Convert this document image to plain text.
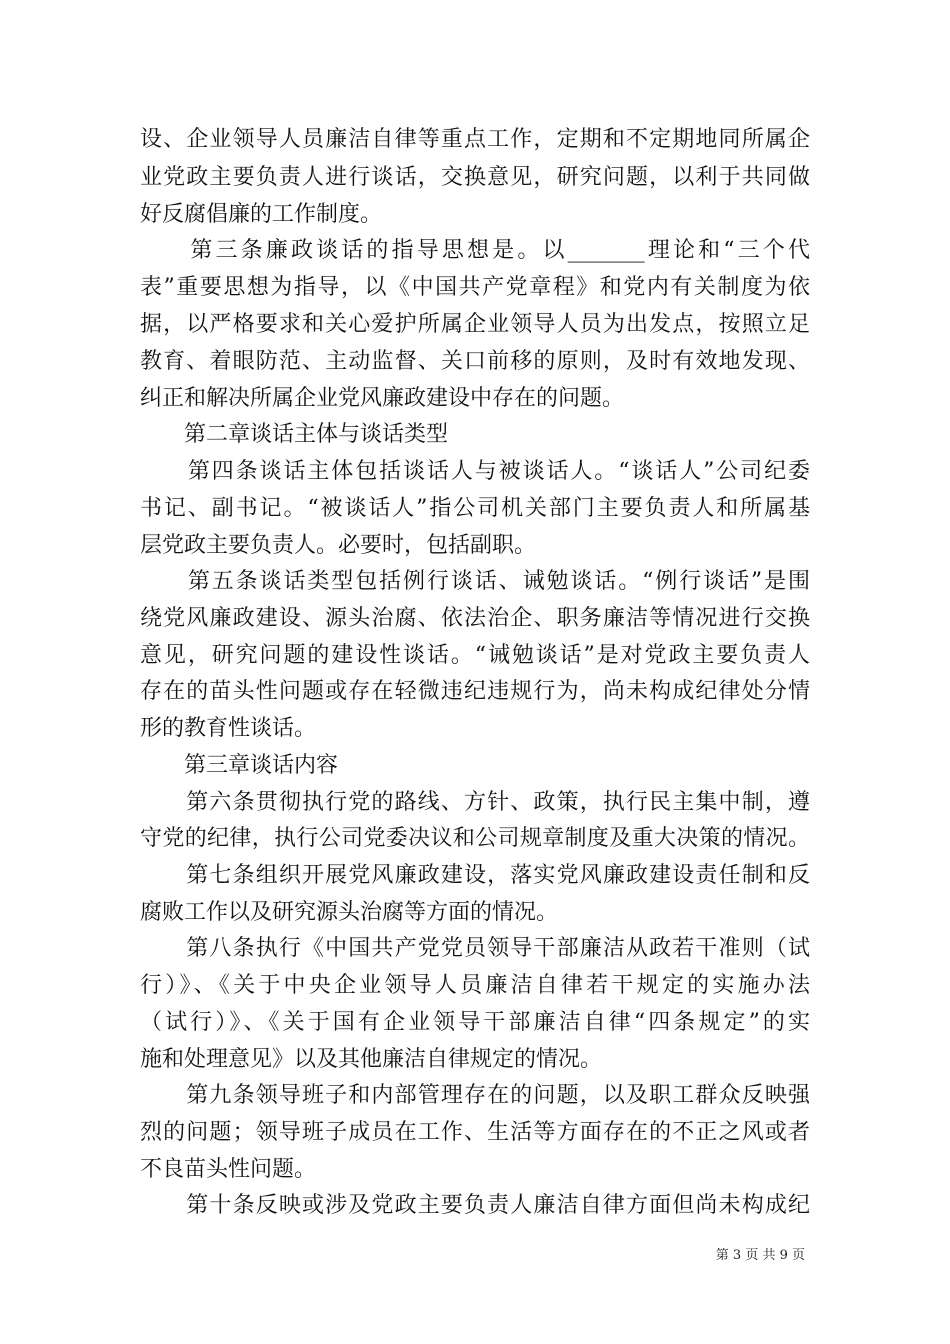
设、企业领导人员廉洁自律等重点工作，定期和不定期地同所属企
业党政主要负责人进行谈话，交换意见，研究问题，以利于共同做
好反腐倡廉的工作制度。
　　第三条廉政谈话的指导思想是。以_______理论和“三个代
表”重要思想为指导，以《中国共产党章程》和党内有关制度为依
据，以严格要求和关心爱护所属企业领导人员为出发点，按照立足
教育、着眼防范、主动监督、关口前移的原则，及时有效地发现、
纠正和解决所属企业党风廉政建设中存在的问题。
　　第二章谈话主体与谈话类型
　　第四条谈话主体包括谈话人与被谈话人。“谈话人”公司纪委
书记、副书记。“被谈话人”指公司机关部门主要负责人和所属基
层党政主要负责人。必要时，包括副职。
　　第五条谈话类型包括例行谈话、诫勉谈话。“例行谈话”是围
绕党风廉政建设、源头治腐、依法治企、职务廉洁等情况进行交换
意见，研究问题的建设性谈话。“诫勉谈话”是对党政主要负责人
存在的苗头性问题或存在轻微违纪违规行为，尚未构成纪律处分情
形的教育性谈话。
　　第三章谈话内容
　　第六条贯彻执行党的路线、方针、政策，执行民主集中制，遵
守党的纪律，执行公司党委决议和公司规章制度及重大决策的情况。
　　第七条组织开展党风廉政建设，落实党风廉政建设责任制和反
腐败工作以及研究源头治腐等方面的情况。
　　第八条执行《中国共产党党员领导干部廉洁从政若干准则（试
行）》、《关于中央企业领导人员廉洁自律若干规定的实施办法
（试行）》、《关于国有企业领导干部廉洁自律“四条规定”的实
施和处理意见》以及其他廉洁自律规定的情况。
　　第九条领导班子和内部管理存在的问题，以及职工群众反映强
烈的问题；领导班子成员在工作、生活等方面存在的不正之风或者
不良苗头性问题。
　　第十条反映或涉及党政主要负责人廉洁自律方面但尚未构成纪
第 3 页 共 9 页
